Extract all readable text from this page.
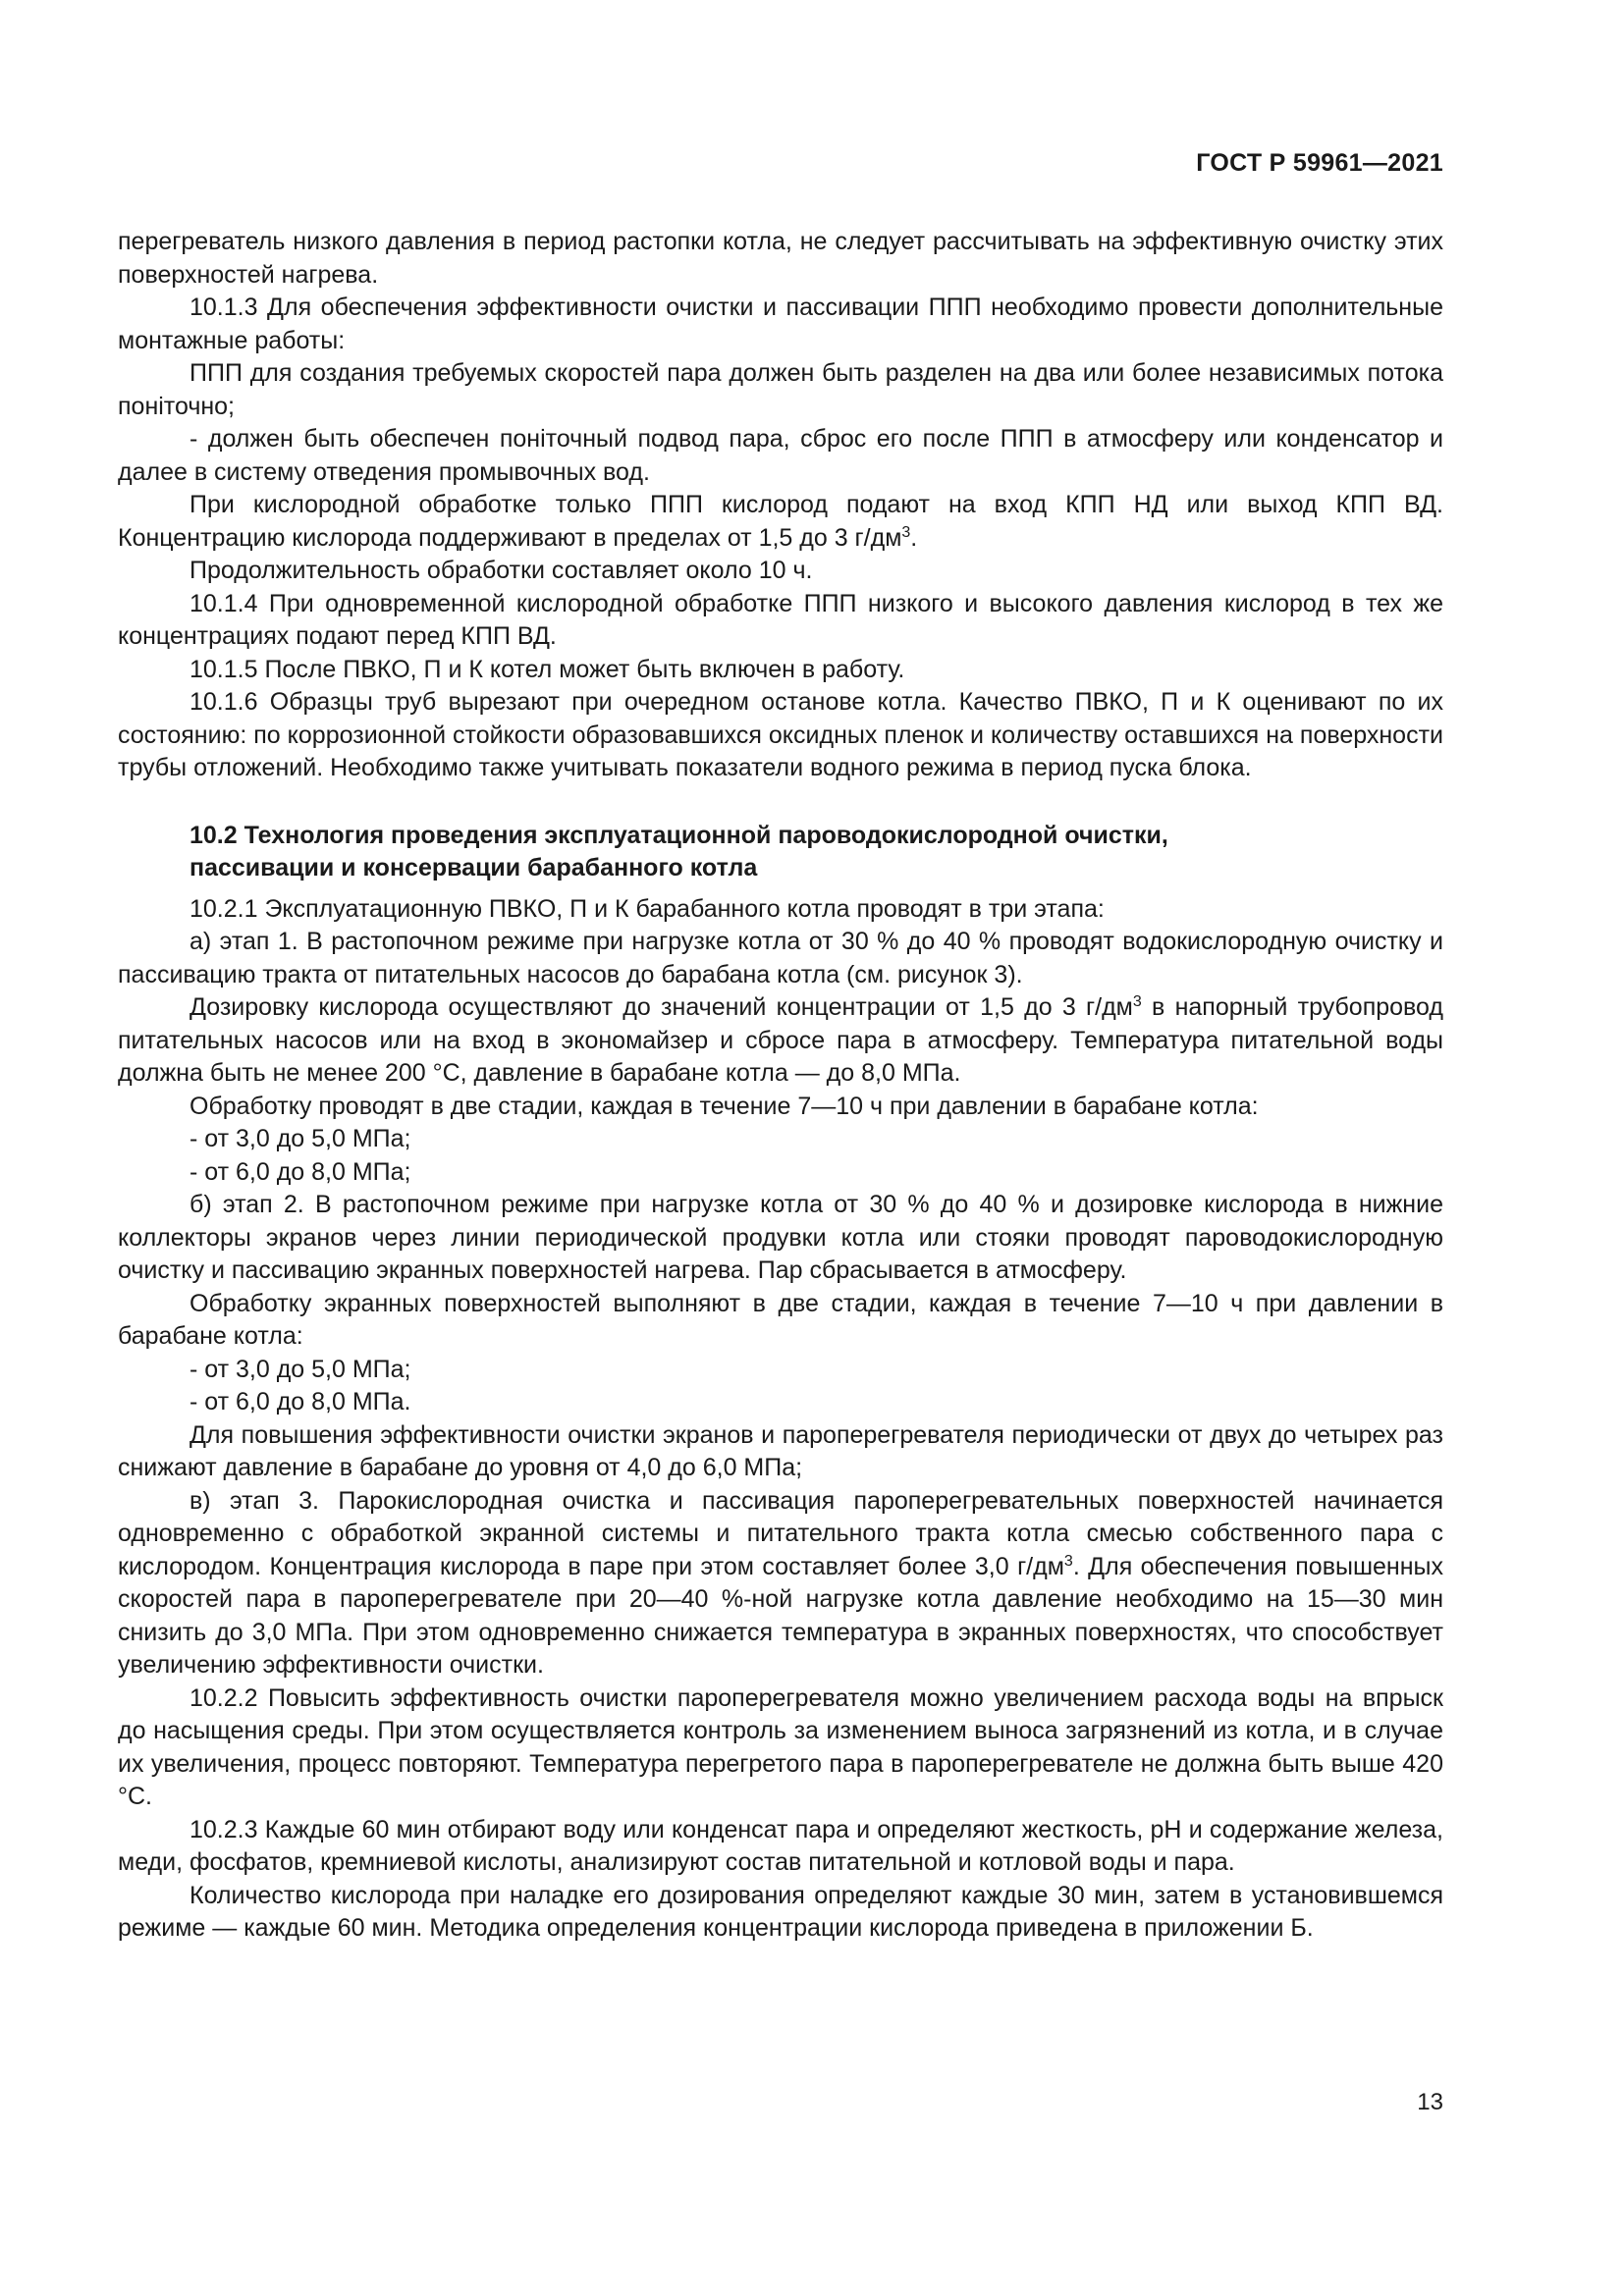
ГОСТ Р 59961—2021

перегреватель низкого давления в период растопки котла, не следует рассчитывать на эффективную очистку этих поверхностей нагрева.

10.1.3 Для обеспечения эффективности очистки и пассивации ППП необходимо провести дополнительные монтажные работы:

ППП для создания требуемых скоростей пара должен быть разделен на два или более независимых потока поніточно;

- должен быть обеспечен поніточный подвод пара, сброс его после ППП в атмосферу или конденсатор и далее в систему отведения промывочных вод.

При кислородной обработке только ППП кислород подают на вход КПП НД или выход КПП ВД. Концентрацию кислорода поддерживают в пределах от 1,5 до 3 $г/дм^3$.

Продолжительность обработки составляет около 10 ч.

10.1.4 При одновременной кислородной обработке ППП низкого и высокого давления кислород в тех же концентрациях подают перед КПП ВД.

10.1.5 После ПВКО, П и К котел может быть включен в работу.

10.1.6 Образцы труб вырезают при очередном останове котла. Качество ПВКО, П и К оценивают по их состоянию: по коррозионной стойкости образовавшихся оксидных пленок и количеству оставшихся на поверхности трубы отложений. Необходимо также учитывать показатели водного режима в период пуска блока.

10.2 Технология проведения эксплуатационной пароводокислородной очистки,
пассивации и консервации барабанного котла

10.2.1 Эксплуатационную ПВКО, П и К барабанного котла проводят в три этапа:

а) этап 1. В растопочном режиме при нагрузке котла от 30 % до 40 % проводят водокислородную очистку и пассивацию тракта от питательных насосов до барабана котла (см. рисунок 3).

Дозировку кислорода осуществляют до значений концентрации от 1,5 до 3 $г/дм^3$ в напорный трубопровод питательных насосов или на вход в экономайзер и сбросе пара в атмосферу. Температура питательной воды должна быть не менее 200 °С, давление в барабане котла — до 8,0 МПа.

Обработку проводят в две стадии, каждая в течение 7—10 ч при давлении в барабане котла:

- от 3,0 до 5,0 МПа;

- от 6,0 до 8,0 МПа;

б) этап 2. В растопочном режиме при нагрузке котла от 30 % до 40 % и дозировке кислорода в нижние коллекторы экранов через линии периодической продувки котла или стояки проводят пароводокислородную очистку и пассивацию экранных поверхностей нагрева. Пар сбрасывается в атмосферу.

Обработку экранных поверхностей выполняют в две стадии, каждая в течение 7—10 ч при давлении в барабане котла:

- от 3,0 до 5,0 МПа;

- от 6,0 до 8,0 МПа.

Для повышения эффективности очистки экранов и пароперегревателя периодически от двух до четырех раз снижают давление в барабане до уровня от 4,0 до 6,0 МПа;

в) этап 3. Парокислородная очистка и пассивация пароперегревательных поверхностей начинается одновременно с обработкой экранной системы и питательного тракта котла смесью собственного пара с кислородом. Концентрация кислорода в паре при этом составляет более 3,0 $г/дм^3$. Для обеспечения повышенных скоростей пара в пароперегревателе при 20—40 %-ной нагрузке котла давление необходимо на 15—30 мин снизить до 3,0 МПа. При этом одновременно снижается температура в экранных поверхностях, что способствует увеличению эффективности очистки.

10.2.2 Повысить эффективность очистки пароперегревателя можно увеличением расхода воды на впрыск до насыщения среды. При этом осуществляется контроль за изменением выноса загрязнений из котла, и в случае их увеличения, процесс повторяют. Температура перегретого пара в пароперегревателе не должна быть выше 420 °С.

10.2.3 Каждые 60 мин отбирают воду или конденсат пара и определяют жесткость, рН и содержание железа, меди, фосфатов, кремниевой кислоты, анализируют состав питательной и котловой воды и пара.

Количество кислорода при наладке его дозирования определяют каждые 30 мин, затем в установившемся режиме — каждые 60 мин. Методика определения концентрации кислорода приведена в приложении Б.

13
